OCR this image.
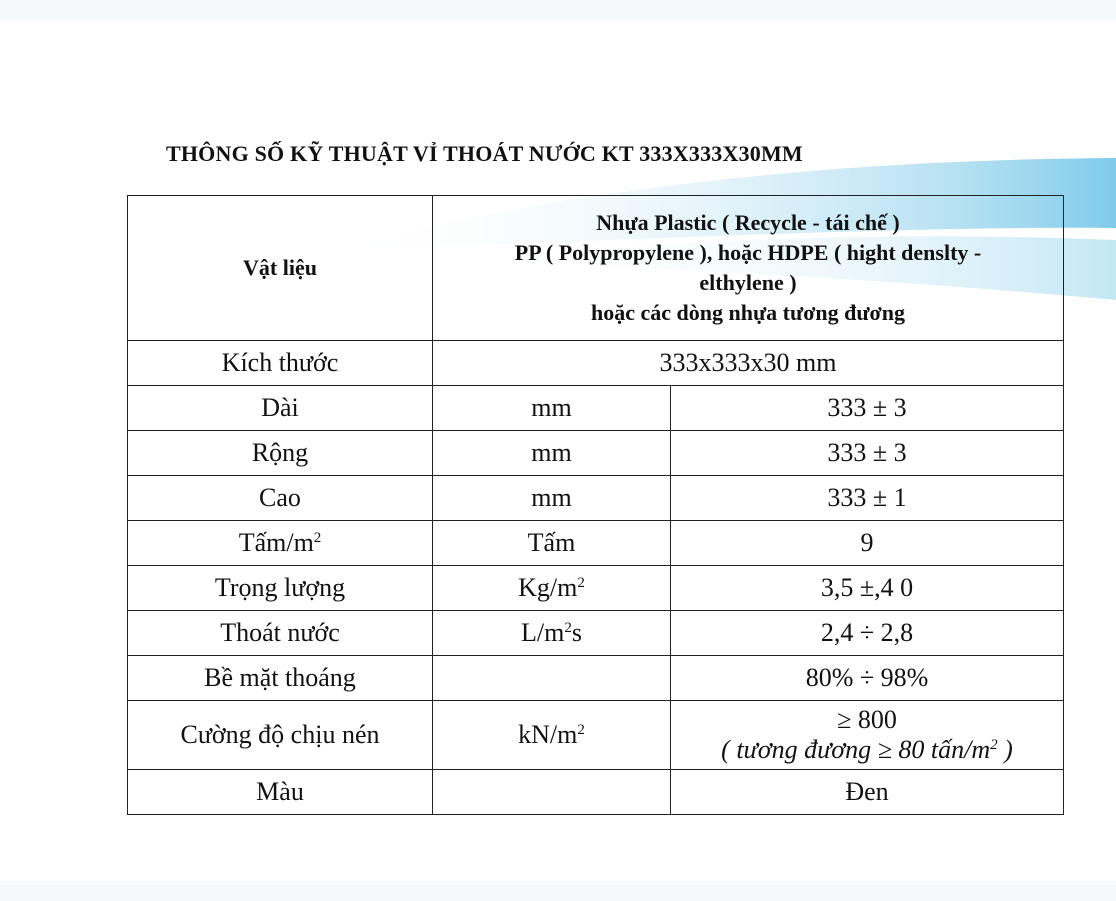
THÔNG SỐ KỸ THUẬT VỈ THOÁT NƯỚC KT 333X333X30MM
Vật liệu	Nhựa Plastic ( Recycle - tái chế )
PP ( Polypropylene ), hoặc HDPE ( hight denslty -
elthylene )
hoặc các dòng nhựa tương đương	

Kích thước	333x333x30 mm	
Dài	mm	333 ± 3
Rộng	mm	333 ± 3
Cao	mm	333 ± 1
Tấm/$m^2$	Tấm	9
Trọng lượng	$Kg/m^2$	3,5 ±,4 0
Thoát nước	$L/m^2s$	2,4 ÷ 2,8
Bề mặt thoáng		80% ÷ 98%
Cường độ chịu nén	$kN/m^2$	≥ 800
( tương đương ≥ 80 tấn/$m^2$ )

Màu		Đen
